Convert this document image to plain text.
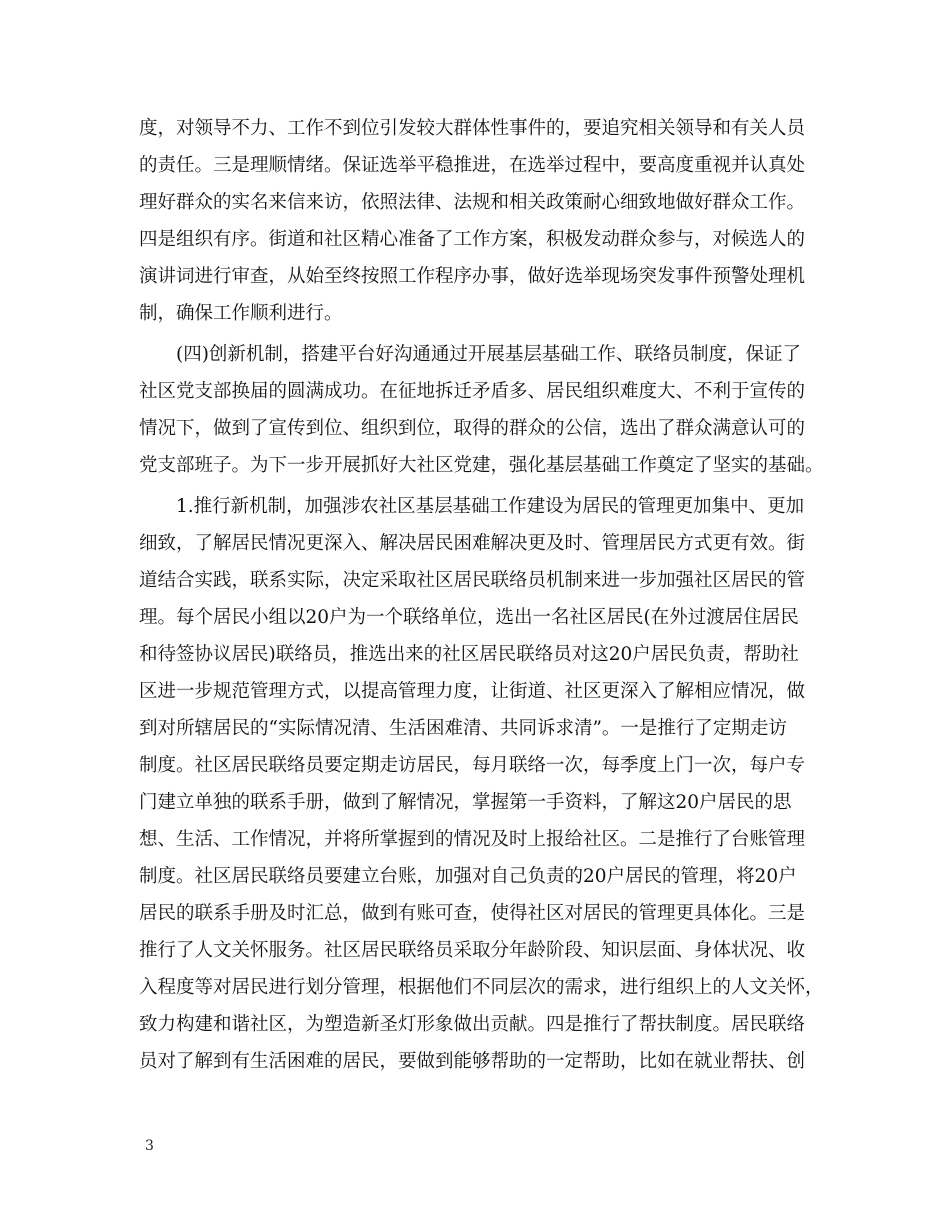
度，对领导不力、工作不到位引发较大群体性事件的，要追究相关领导和有关人员
的责任。三是理顺情绪。保证选举平稳推进，在选举过程中，要高度重视并认真处
理好群众的实名来信来访，依照法律、法规和相关政策耐心细致地做好群众工作。
四是组织有序。街道和社区精心准备了工作方案，积极发动群众参与，对候选人的
演讲词进行审查，从始至终按照工作程序办事，做好选举现场突发事件预警处理机
制，确保工作顺利进行。
(四)创新机制，搭建平台好沟通通过开展基层基础工作、联络员制度，保证了
社区党支部换届的圆满成功。在征地拆迁矛盾多、居民组织难度大、不利于宣传的
情况下，做到了宣传到位、组织到位，取得的群众的公信，选出了群众满意认可的
党支部班子。为下一步开展抓好大社区党建，强化基层基础工作奠定了坚实的基础。
1.推行新机制，加强涉农社区基层基础工作建设为居民的管理更加集中、更加
细致，了解居民情况更深入、解决居民困难解决更及时、管理居民方式更有效。街
道结合实践，联系实际，决定采取社区居民联络员机制来进一步加强社区居民的管
理。每个居民小组以20户为一个联络单位，选出一名社区居民(在外过渡居住居民
和待签协议居民)联络员，推选出来的社区居民联络员对这20户居民负责，帮助社
区进一步规范管理方式，以提高管理力度，让街道、社区更深入了解相应情况，做
到对所辖居民的“实际情况清、生活困难清、共同诉求清”。一是推行了定期走访
制度。社区居民联络员要定期走访居民，每月联络一次，每季度上门一次，每户专
门建立单独的联系手册，做到了解情况，掌握第一手资料，了解这20户居民的思
想、生活、工作情况，并将所掌握到的情况及时上报给社区。二是推行了台账管理
制度。社区居民联络员要建立台账，加强对自己负责的20户居民的管理，将20户
居民的联系手册及时汇总，做到有账可查，使得社区对居民的管理更具体化。三是
推行了人文关怀服务。社区居民联络员采取分年龄阶段、知识层面、身体状况、收
入程度等对居民进行划分管理，根据他们不同层次的需求，进行组织上的人文关怀，
致力构建和谐社区，为塑造新圣灯形象做出贡献。四是推行了帮扶制度。居民联络
员对了解到有生活困难的居民，要做到能够帮助的一定帮助，比如在就业帮扶、创
3
